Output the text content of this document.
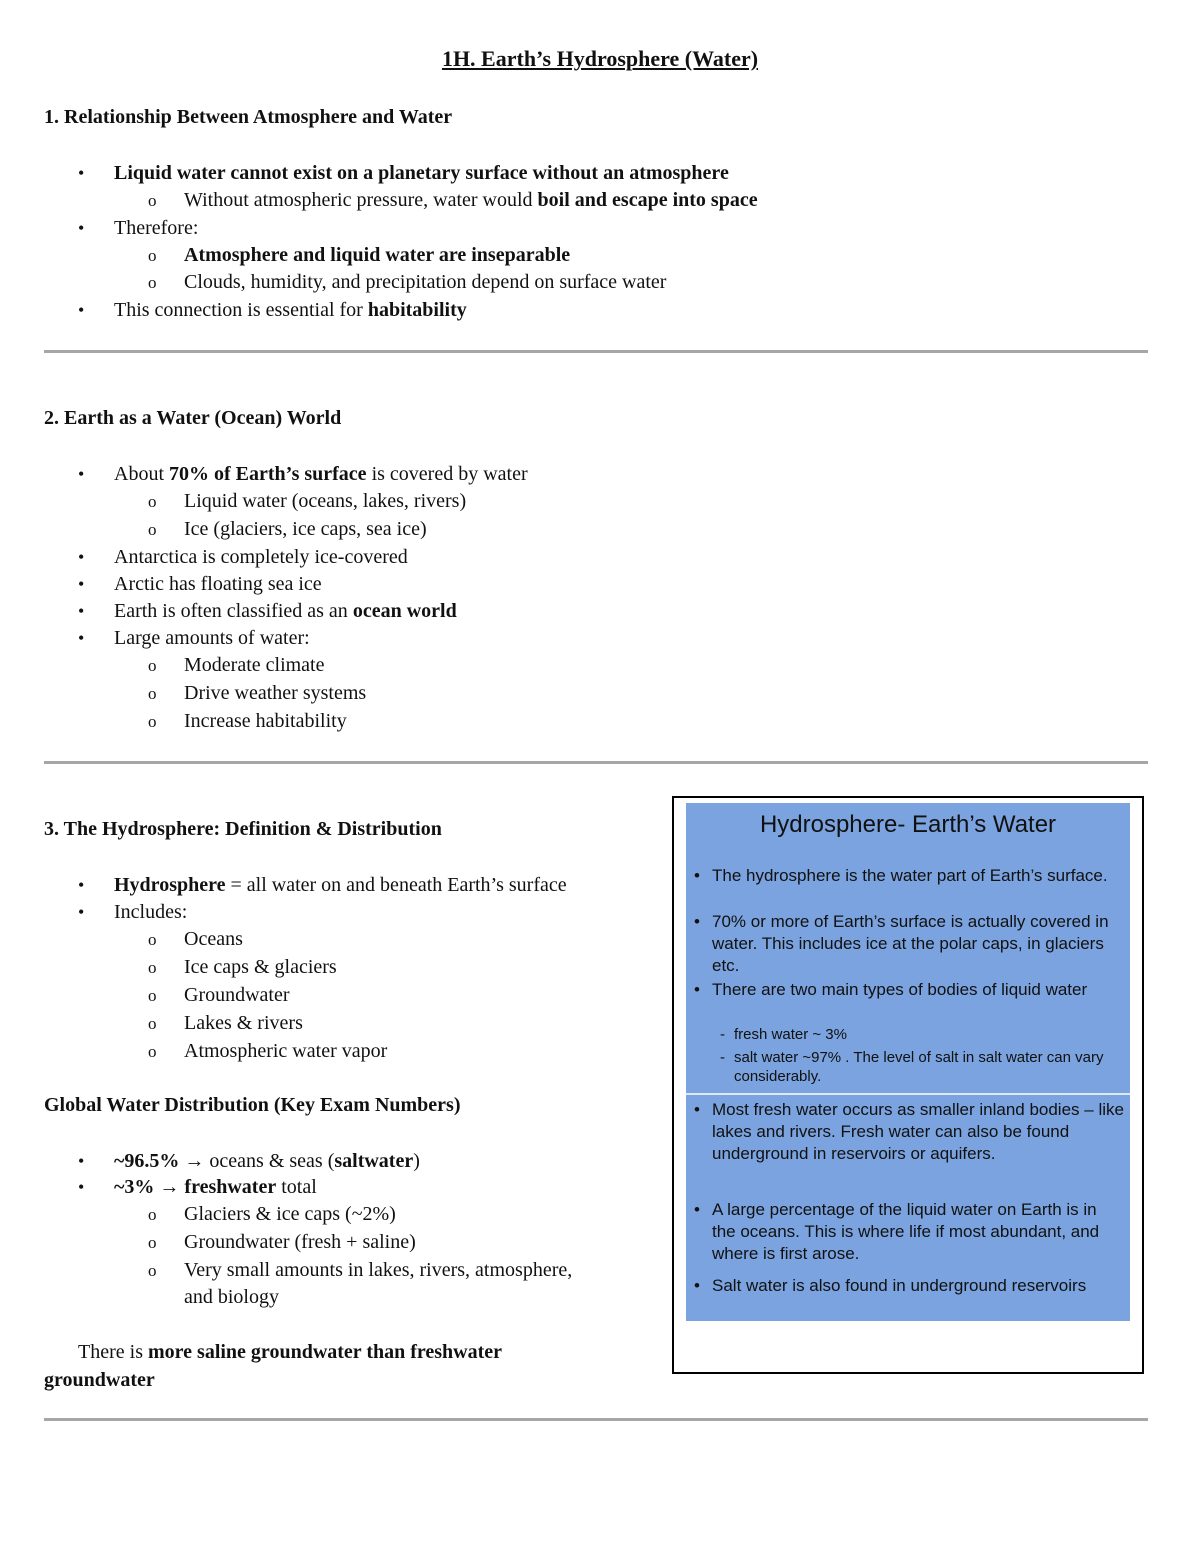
1H. Earth’s Hydrosphere (Water)
1. Relationship Between Atmosphere and Water
• Liquid water cannot exist on a planetary surface without an atmosphere
o Without atmospheric pressure, water would boil and escape into space
• Therefore:
o Atmosphere and liquid water are inseparable
o Clouds, humidity, and precipitation depend on surface water
• This connection is essential for habitability
2. Earth as a Water (Ocean) World
• About 70% of Earth’s surface is covered by water
o Liquid water (oceans, lakes, rivers)
o Ice (glaciers, ice caps, sea ice)
• Antarctica is completely ice-covered
• Arctic has floating sea ice
• Earth is often classified as an ocean world
• Large amounts of water:
o Moderate climate
o Drive weather systems
o Increase habitability
3. The Hydrosphere: Definition & Distribution
• Hydrosphere = all water on and beneath Earth’s surface
• Includes:
o Oceans
o Ice caps & glaciers
o Groundwater
o Lakes & rivers
o Atmospheric water vapor
Global Water Distribution (Key Exam Numbers)
• ~96.5% → oceans & seas (saltwater)
• ~3% → freshwater total
o Glaciers & ice caps (~2%)
o Groundwater (fresh + saline)
o Very small amounts in lakes, rivers, atmosphere,
and biology
There is more saline groundwater than freshwater
groundwater
Hydrosphere- Earth’s Water
• The hydrosphere is the water part of Earth’s surface.
• 70% or more of Earth’s surface is actually covered in water. This includes ice at the polar caps, in glaciers etc.
• There are two main types of bodies of liquid water
- fresh water ~ 3%
- salt water ~97% . The level of salt in salt water can vary considerably.
• Most fresh water occurs as smaller inland bodies – like lakes and rivers. Fresh water can also be found underground in reservoirs or aquifers.
• A large percentage of the liquid water on Earth is in the oceans. This is where life if most abundant, and where is first arose.
• Salt water is also found in underground reservoirs
